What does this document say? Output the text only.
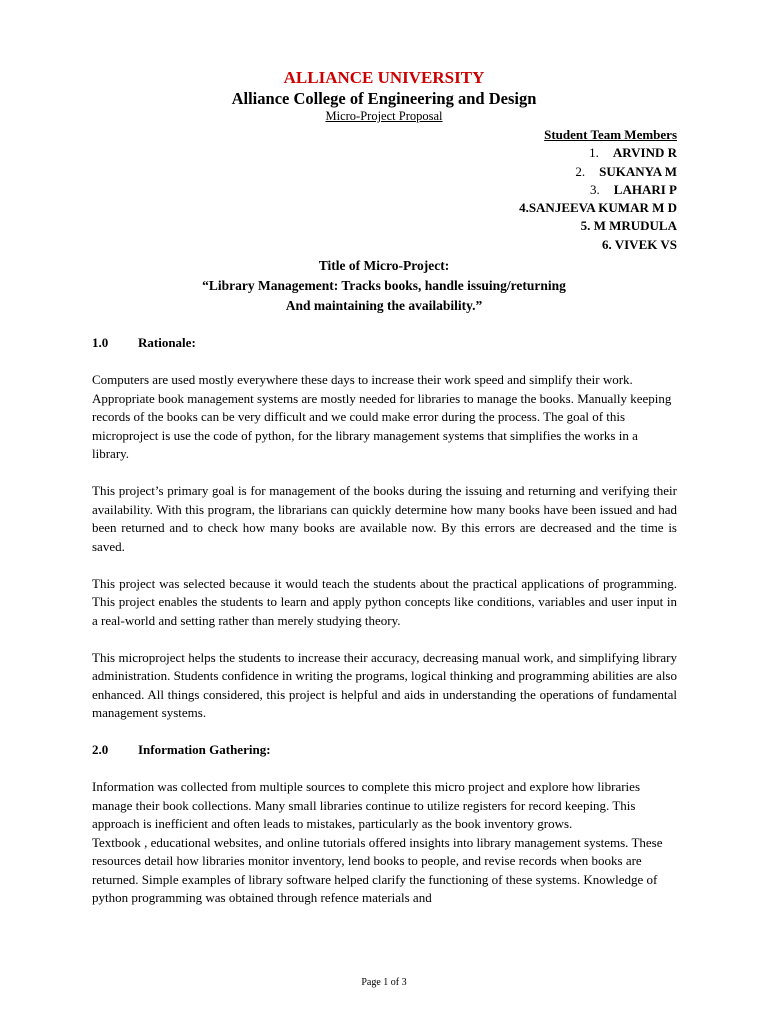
ALLIANCE UNIVERSITY
Alliance College of Engineering and Design
Micro-Project Proposal
Student Team Members
1. ARVIND R
2. SUKANYA M
3. LAHARI P
4.SANJEEVA KUMAR M D
5. M MRUDULA
6. VIVEK VS
Title of Micro-Project:
“Library Management: Tracks books, handle issuing/returning
And maintaining the availability.”
1.0 Rationale:

Computers are used mostly everywhere these days to increase their work speed and simplify their work. Appropriate book management systems are mostly needed for libraries to manage the books. Manually keeping records of the books can be very difficult and we could make error during the process. The goal of this microproject is use the code of python, for the library management systems that simplifies the works in a library.

This project’s primary goal is for management of the books during the issuing and returning and verifying their availability. With this program, the librarians can quickly determine how many books have been issued and had been returned and to check how many books are available now. By this errors are decreased and the time is saved.

This project was selected because it would teach the students about the practical applications of programming. This project enables the students to learn and apply python concepts like conditions, variables and user input in a real-world and setting rather than merely studying theory.

This microproject helps the students to increase their accuracy, decreasing manual work, and simplifying library administration. Students confidence in writing the programs, logical thinking and programming abilities are also enhanced. All things considered, this project is helpful and aids in understanding the operations of fundamental management systems.

2.0 Information Gathering:

Information was collected from multiple sources to complete this micro project and explore how libraries manage their book collections. Many small libraries continue to utilize registers for record keeping. This approach is inefficient and often leads to mistakes, particularly as the book inventory grows.

Textbook , educational websites, and online tutorials offered insights into library management systems. These resources detail how libraries monitor inventory, lend books to people, and revise records when books are returned. Simple examples of library software helped clarify the functioning of these systems. Knowledge of python programming was obtained through refence materials and

Page 1 of 3
